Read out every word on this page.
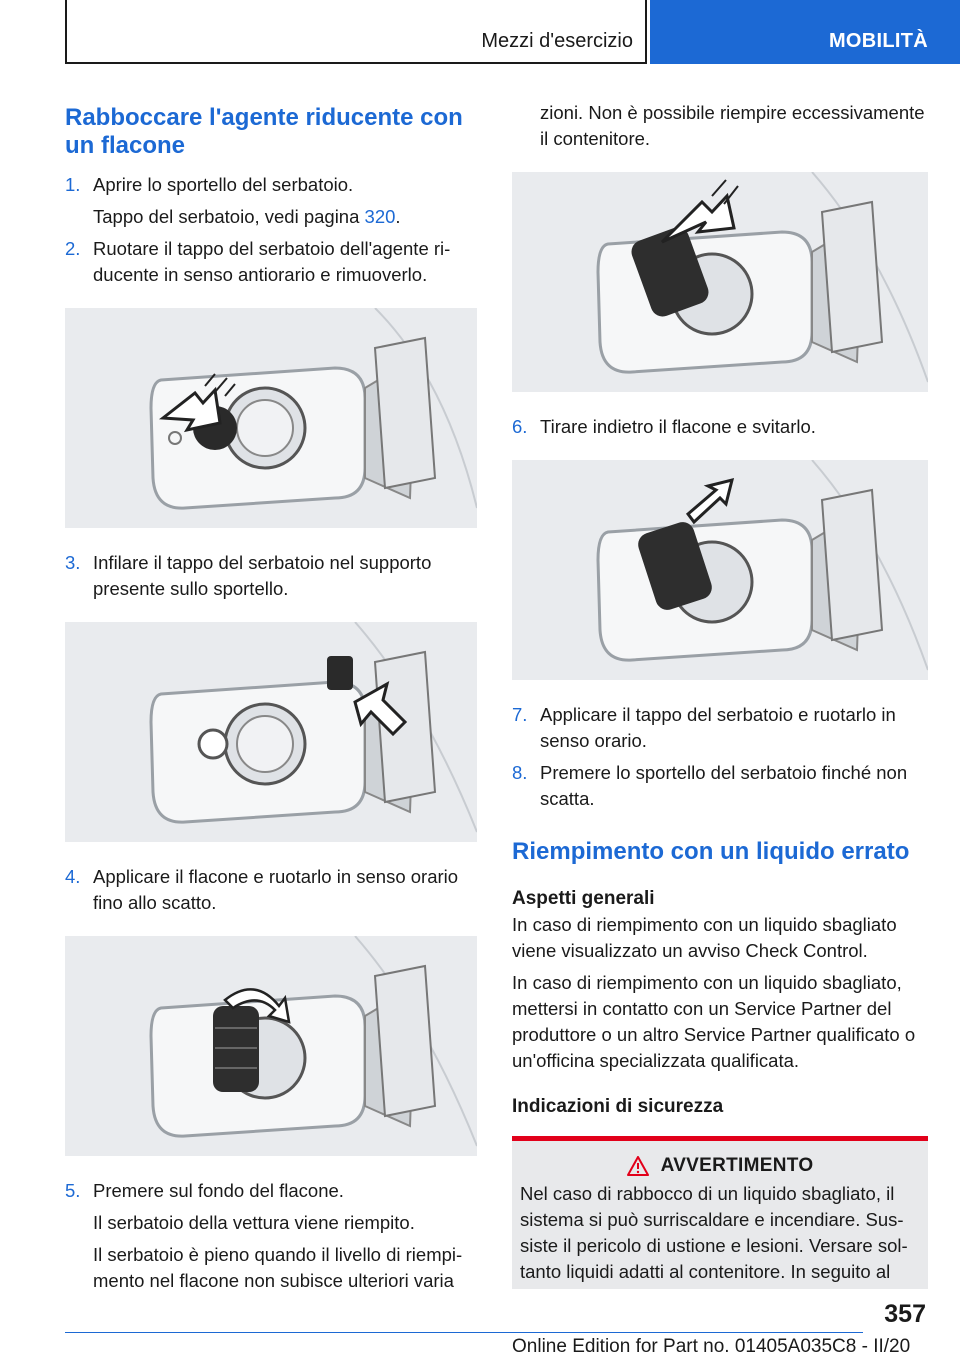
Mezzi d'esercizio	MOBILITÀ
Rabboccare l'agente riducente con un flacone
1. Aprire lo sportello del serbatoio.
Tappo del serbatoio, vedi pagina 320.
2. Ruotare il tappo del serbatoio dell'agente riducente in senso antiorario e rimuoverlo.
3. Infilare il tappo del serbatoio nel supporto presente sullo sportello.
4. Applicare il flacone e ruotarlo in senso orario fino allo scatto.
5. Premere sul fondo del flacone.
Il serbatoio della vettura viene riempito.
Il serbatoio è pieno quando il livello di riempimento nel flacone non subisce ulteriori varia
zioni. Non è possibile riempire eccessivamente il contenitore.
6. Tirare indietro il flacone e svitarlo.
7. Applicare il tappo del serbatoio e ruotarlo in senso orario.
8. Premere lo sportello del serbatoio finché non scatta.
Riempimento con un liquido errato
Aspetti generali
In caso di riempimento con un liquido sbagliato viene visualizzato un avviso Check Control.
In caso di riempimento con un liquido sbagliato, mettersi in contatto con un Service Partner del produttore o un altro Service Partner qualificato o un'officina specializzata qualificata.
Indicazioni di sicurezza
AVVERTIMENTO
Nel caso di rabbocco di un liquido sbagliato, il sistema si può surriscaldare e incendiare. Sussiste il pericolo di ustione e lesioni. Versare soltanto liquidi adatti al contenitore. In seguito al
357
Online Edition for Part no. 01405A035C8 - II/20
